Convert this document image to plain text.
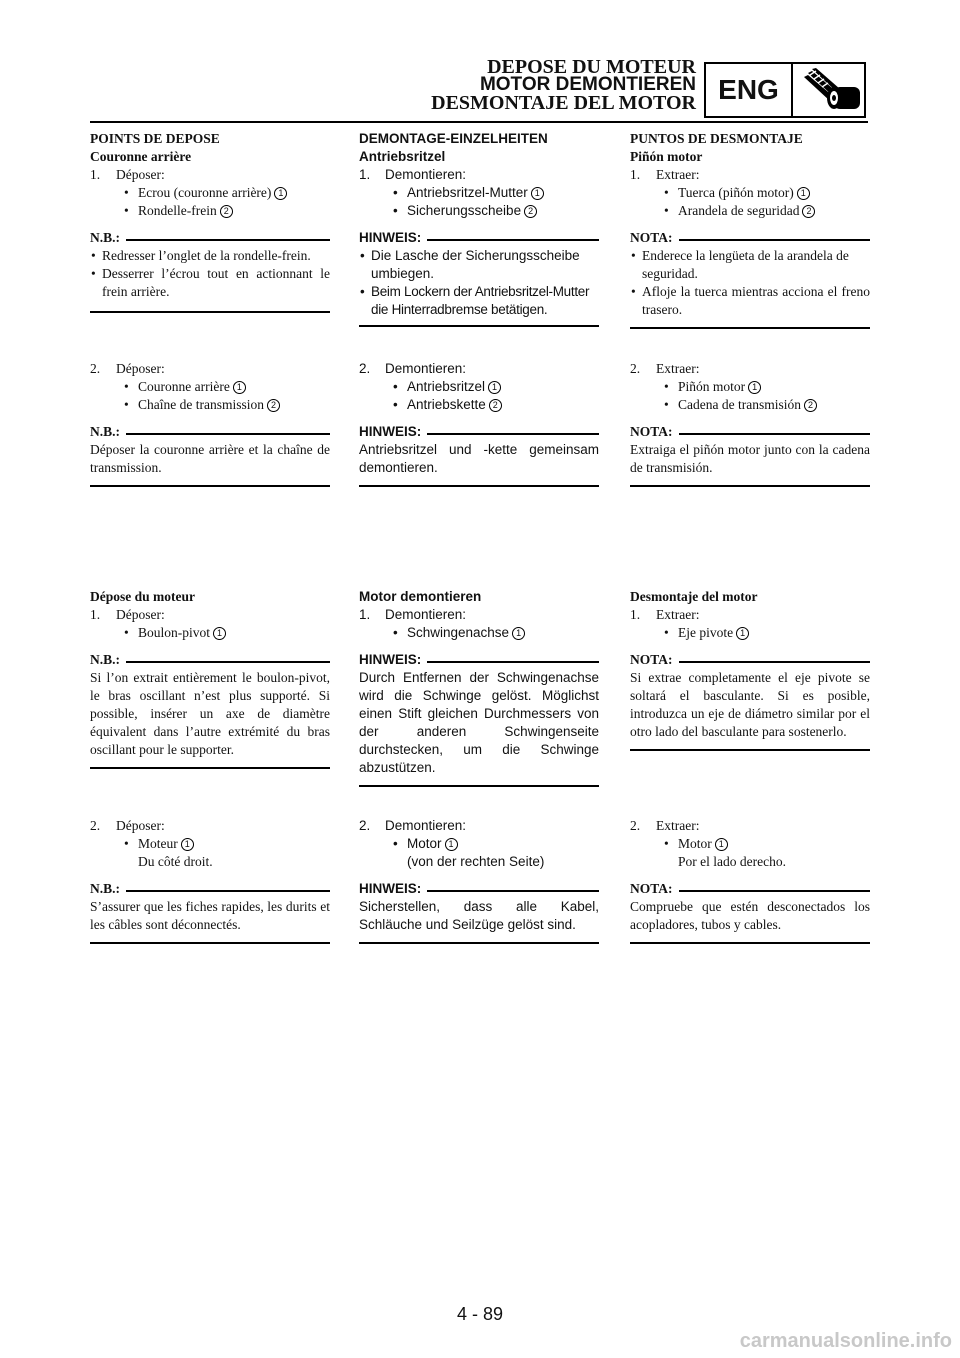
DEPOSE DU MOTEUR
MOTOR DEMONTIEREN
DESMONTAJE DEL MOTOR ENG

POINTS DE DEPOSE

Couronne arrière

1. Déposer:

• Ecrou (couronne arrière) 1

• Rondelle-frein 2

N.B.:

• Redresser l’onglet de la rondelle-frein.

• Desserrer l’écrou tout en actionnant le frein arrière.

2. Déposer:

• Couronne arrière 1

• Chaîne de transmission 2

N.B.:

Déposer la couronne arrière et la chaîne de transmission.

Dépose du moteur

1. Déposer:

• Boulon-pivot 1

N.B.:

Si l’on extrait entièrement le boulon-pivot, le bras oscillant n’est plus supporté. Si possible, insérer un axe de diamètre équivalent dans l’autre extrémité du bras oscillant pour le supporter.

2. Déposer:

• Moteur 1

Du côté droit.

N.B.:

S’assurer que les fiches rapides, les durits et les câbles sont déconnectés.

DEMONTAGE-EINZELHEITEN

Antriebsritzel

1. Demontieren:

• Antriebsritzel-Mutter 1

• Sicherungsscheibe 2

HINWEIS:

• Die Lasche der Sicherungsscheibe umbiegen.

• Beim Lockern der Antriebsritzel-Mutter die Hinterradbremse betätigen.

2. Demontieren:

• Antriebsritzel 1

• Antriebskette 2

HINWEIS:

Antriebsritzel und -kette gemeinsam demontieren.

Motor demontieren

1. Demontieren:

• Schwingenachse 1

HINWEIS:

Durch Entfernen der Schwingenachse wird die Schwinge gelöst. Möglichst einen Stift gleichen Durchmessers von der anderen Schwingenseite durchstecken, um die Schwinge abzustützen.

2. Demontieren:

• Motor 1

(von der rechten Seite)

HINWEIS:

Sicherstellen, dass alle Kabel, Schläuche und Seilzüge gelöst sind.

PUNTOS DE DESMONTAJE

Piñón motor

1. Extraer:

• Tuerca (piñón motor) 1

• Arandela de seguridad 2

NOTA:

• Enderece la lengüeta de la arandela de seguridad.

• Afloje la tuerca mientras acciona el freno trasero.

2. Extraer:

• Piñón motor 1

• Cadena de transmisión 2

NOTA:

Extraiga el piñón motor junto con la cadena de transmisión.

Desmontaje del motor

1. Extraer:

• Eje pivote 1

NOTA:

Si extrae completamente el eje pivote se soltará el basculante. Si es posible, introduzca un eje de diámetro similar por el otro lado del basculante para sostenerlo.

2. Extraer:

• Motor 1

Por el lado derecho.

NOTA:

Compruebe que estén desconectados los acopladores, tubos y cables.

4 - 89
carmanualsonline.info
